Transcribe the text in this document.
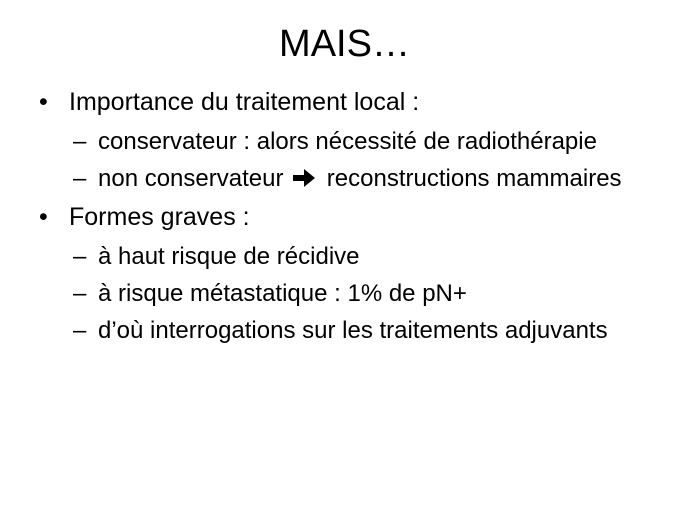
MAIS…
• Importance du traitement local :
– conservateur : alors nécessité de radiothérapie
– non conservateur reconstructions mammaires
• Formes graves :
– à haut risque de récidive
– à risque métastatique : 1% de pN+
– d’où interrogations sur les traitements adjuvants
